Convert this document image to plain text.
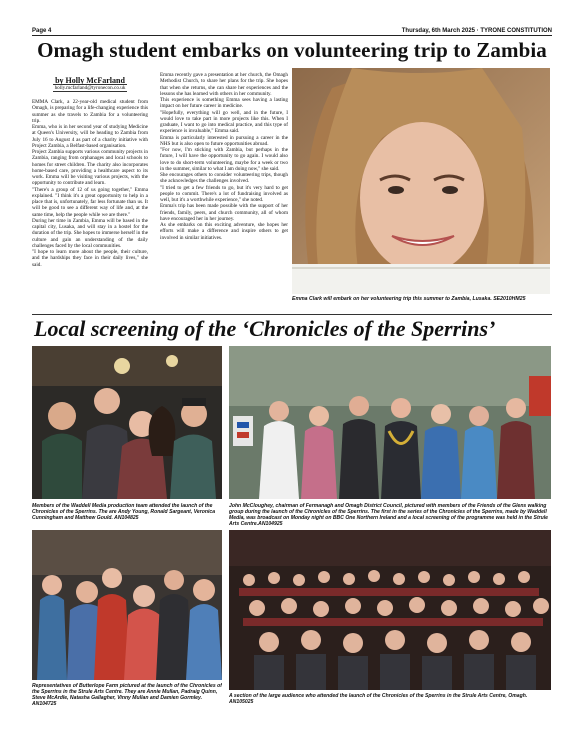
Page 4	Thursday, 6th March 2025 · TYRONE CONSTITUTION
Omagh student embarks on volunteering trip to Zambia
by Holly McFarland
holly.mcfarland@tyronecon.co.uk

EMMA Clark, a 22-year-old medical student from Omagh, is preparing for a life-changing experience this summer as she travels to Zambia for a volunteering trip.

Emma, who is in her second year of studying Medicine at Queen's University, will be heading to Zambia from July 16 to August 4 as part of a charity initiative with Project Zambia, a Belfast-based organisation.

Project Zambia supports various community projects in Zambia, ranging from orphanages and local schools to homes for street children. The charity also incorporates home-based care, providing a healthcare aspect to its work. Emma will be visiting various projects, with the opportunity to contribute and learn.

"There's a group of 12 of us going together," Emma explained. "I think it's a great opportunity to help in a place that is, unfortunately, far less fortunate than us. It will be good to see a different way of life and, at the same time, help the people while we are there."

During her time in Zambia, Emma will be based in the capital city, Lusaka, and will stay in a hostel for the duration of the trip. She hopes to immerse herself in the culture and gain an understanding of the daily challenges faced by the local communities.

"I hope to learn more about the people, their culture, and the hardships they face in their daily lives," she said.

Emma recently gave a presentation at her church, the Omagh Methodist Church, to share her plans for the trip. She hopes that when she returns, she can share her experiences and the lessons she has learned with others in her community.

This experience is something Emma sees having a lasting impact on her future career in medicine.

"Hopefully, everything will go well, and in the future, I would love to take part in more projects like this. When I graduate, I want to go into medical practice, and this type of experience is invaluable," Emma said.

Emma is particularly interested in pursuing a career in the NHS but is also open to future opportunities abroad.

"For now, I'm sticking with Zambia, but perhaps in the future, I will have the opportunity to go again. I would also love to do short-term volunteering, maybe for a week or two in the summer, similar to what I am doing now," she said.

She encourages others to consider volunteering trips, though she acknowledges the challenges involved.

"I tried to get a few friends to go, but it's very hard to get people to commit. There's a lot of fundraising involved as well, but it's a worthwhile experience," she noted.

Emma's trip has been made possible with the support of her friends, family, peers, and church community, all of whom have encouraged her in her journey.

As she embarks on this exciting adventure, she hopes her efforts will make a difference and inspire others to get involved in similar initiatives.

Emma Clark will embark on her volunteering trip this summer to Zambia, Lusaka. SE2010HM25
Local screening of the ‘Chronicles of the Sperrins’
Members of the Waddell Media production team attended the launch of the Chronicles of the Sperrins. The are Andy Young, Ronald Sargeant, Veronica Cunningham and Matthew Gould. AN104825
John McCloughey, chairman of Fermanagh and Omagh District Council, pictured with members of the Friends of the Glens walking group during the launch of the Chronicles of the Sperrins. The first in the series of the Chronicles of the Sperrins, made by Waddell Media, was broadcast on Monday night on BBC One Northern Ireland and a local screening of the programme was held in the Strule Arts Centre.AN104925
Representatives of Butterlope Farm pictured at the launch of the Chronicles of the Sperrins in the Strule Arts Centre. They are Annie Mullan, Padraig Quinn, Steve McArdle, Natasha Gallagher, Vinny Mullan and Damien Gormley. AN104725
A section of the large audience who attended the launch of the Chronicles of the Sperrins in the Strule Arts Centre, Omagh. AN105025
